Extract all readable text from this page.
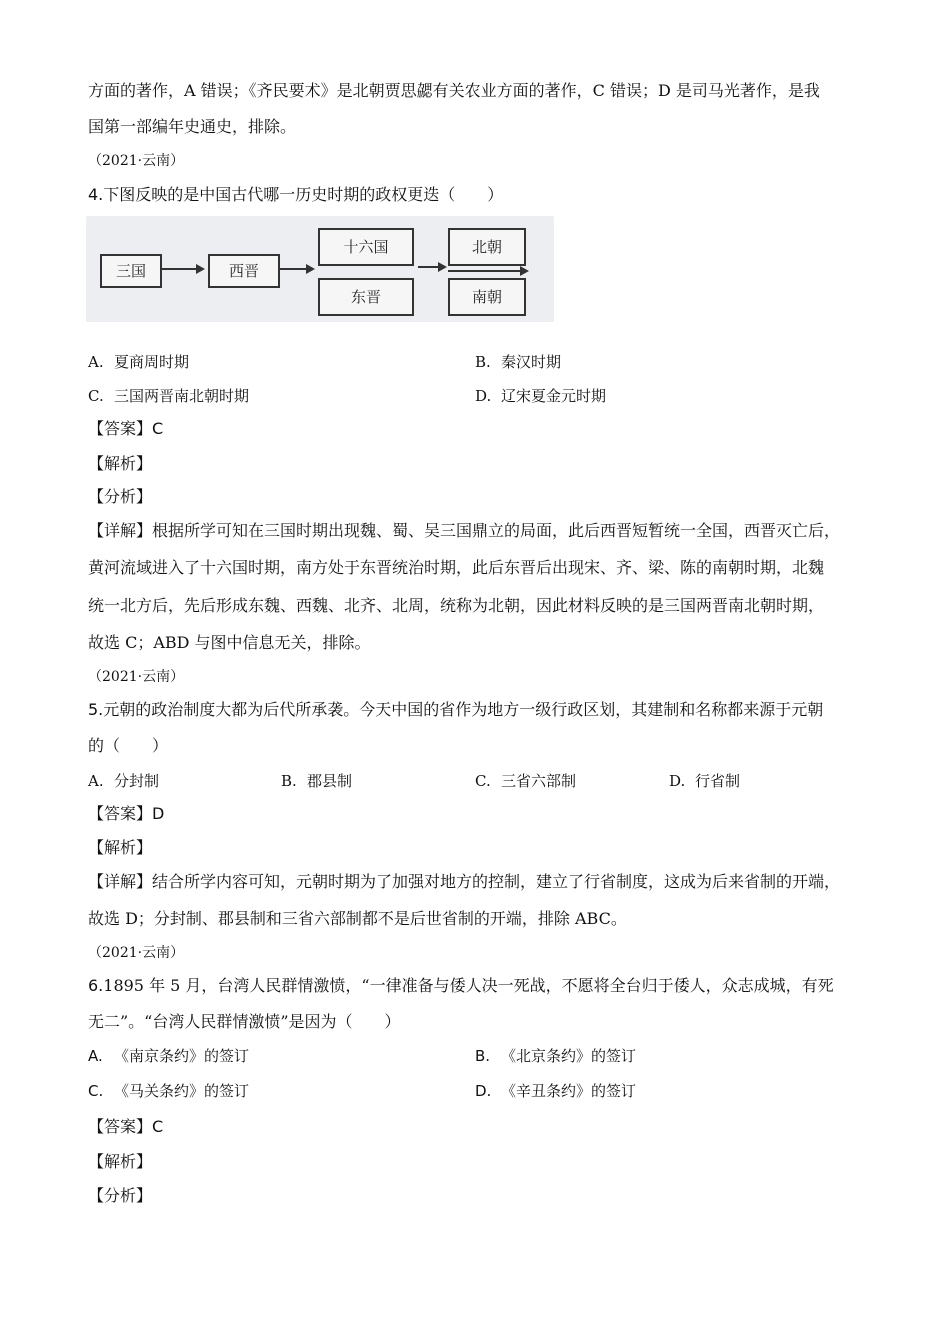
方面的著作，A 错误；《齐民要术》是北朝贾思勰有关农业方面的著作，C 错误；D 是司马光著作，是我
国第一部编年史通史，排除。
（2021·云南）
4.下图反映的是中国古代哪一历史时期的政权更迭（　　）
三国	西晋
十六国
东晋
北朝
南朝
A. 夏商周时期	B. 秦汉时期
C. 三国两晋南北朝时期	D. 辽宋夏金元时期
【答案】C
【解析】
【分析】
【详解】根据所学可知在三国时期出现魏、蜀、吴三国鼎立的局面，此后西晋短暂统一全国，西晋灭亡后，
黄河流域进入了十六国时期，南方处于东晋统治时期，此后东晋后出现宋、齐、梁、陈的南朝时期，北魏
统一北方后，先后形成东魏、西魏、北齐、北周，统称为北朝，因此材料反映的是三国两晋南北朝时期，
故选 C；ABD 与图中信息无关，排除。
（2021·云南）
5.元朝的政治制度大都为后代所承袭。今天中国的省作为地方一级行政区划，其建制和名称都来源于元朝
的（　　）
A. 分封制	B. 郡县制	C. 三省六部制	D. 行省制
【答案】D
【解析】
【详解】结合所学内容可知，元朝时期为了加强对地方的控制，建立了行省制度，这成为后来省制的开端，
故选 D；分封制、郡县制和三省六部制都不是后世省制的开端，排除 ABC。
（2021·云南）
6.1895 年 5 月，台湾人民群情激愤，“一律准备与倭人决一死战，不愿将全台归于倭人，众志成城，有死
无二”。“台湾人民群情激愤”是因为（　　）
A. 《南京条约》的签订	B. 《北京条约》的签订
C. 《马关条约》的签订	D. 《辛丑条约》的签订
【答案】C
【解析】
【分析】
